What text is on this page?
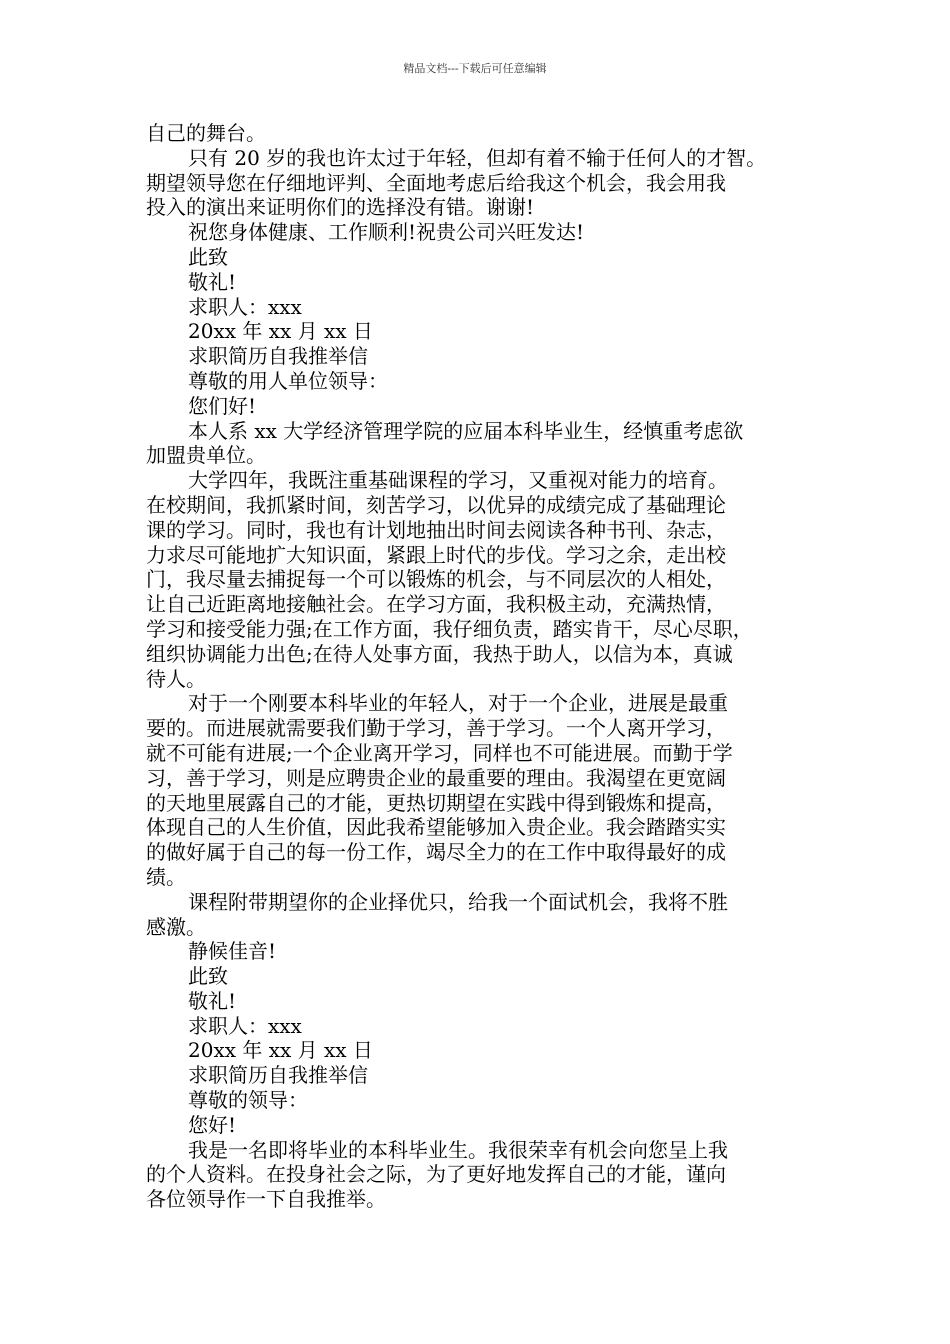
精品文档---下载后可任意编辑

自己的舞台。

只有 20 岁的我也许太过于年轻，但却有着不输于任何人的才智。

期望领导您在仔细地评判、全面地考虑后给我这个机会，我会用我

投入的演出来证明你们的选择没有错。谢谢!

祝您身体健康、工作顺利!祝贵公司兴旺发达!

此致

敬礼!

求职人：xxx

20xx 年 xx 月 xx 日

求职简历自我推举信

尊敬的用人单位领导：

您们好!

本人系 xx 大学经济管理学院的应届本科毕业生，经慎重考虑欲

加盟贵单位。

大学四年，我既注重基础课程的学习，又重视对能力的培育。

在校期间，我抓紧时间，刻苦学习，以优异的成绩完成了基础理论

课的学习。同时，我也有计划地抽出时间去阅读各种书刊、杂志，

力求尽可能地扩大知识面，紧跟上时代的步伐。学习之余，走出校

门，我尽量去捕捉每一个可以锻炼的机会，与不同层次的人相处，

让自己近距离地接触社会。在学习方面，我积极主动，充满热情，

学习和接受能力强;在工作方面，我仔细负责，踏实肯干，尽心尽职，

组织协调能力出色;在待人处事方面，我热于助人，以信为本，真诚

待人。

对于一个刚要本科毕业的年轻人，对于一个企业，进展是最重

要的。而进展就需要我们勤于学习，善于学习。一个人离开学习，

就不可能有进展;一个企业离开学习，同样也不可能进展。而勤于学

习，善于学习，则是应聘贵企业的最重要的理由。我渴望在更宽阔

的天地里展露自己的才能，更热切期望在实践中得到锻炼和提高，

体现自己的人生价值，因此我希望能够加入贵企业。我会踏踏实实

的做好属于自己的每一份工作，竭尽全力的在工作中取得最好的成

绩。

课程附带期望你的企业择优只，给我一个面试机会，我将不胜

感激。

静候佳音!

此致

敬礼!

求职人：xxx

20xx 年 xx 月 xx 日

求职简历自我推举信

尊敬的领导：

您好!

我是一名即将毕业的本科毕业生。我很荣幸有机会向您呈上我

的个人资料。在投身社会之际，为了更好地发挥自己的才能，谨向

各位领导作一下自我推举。
